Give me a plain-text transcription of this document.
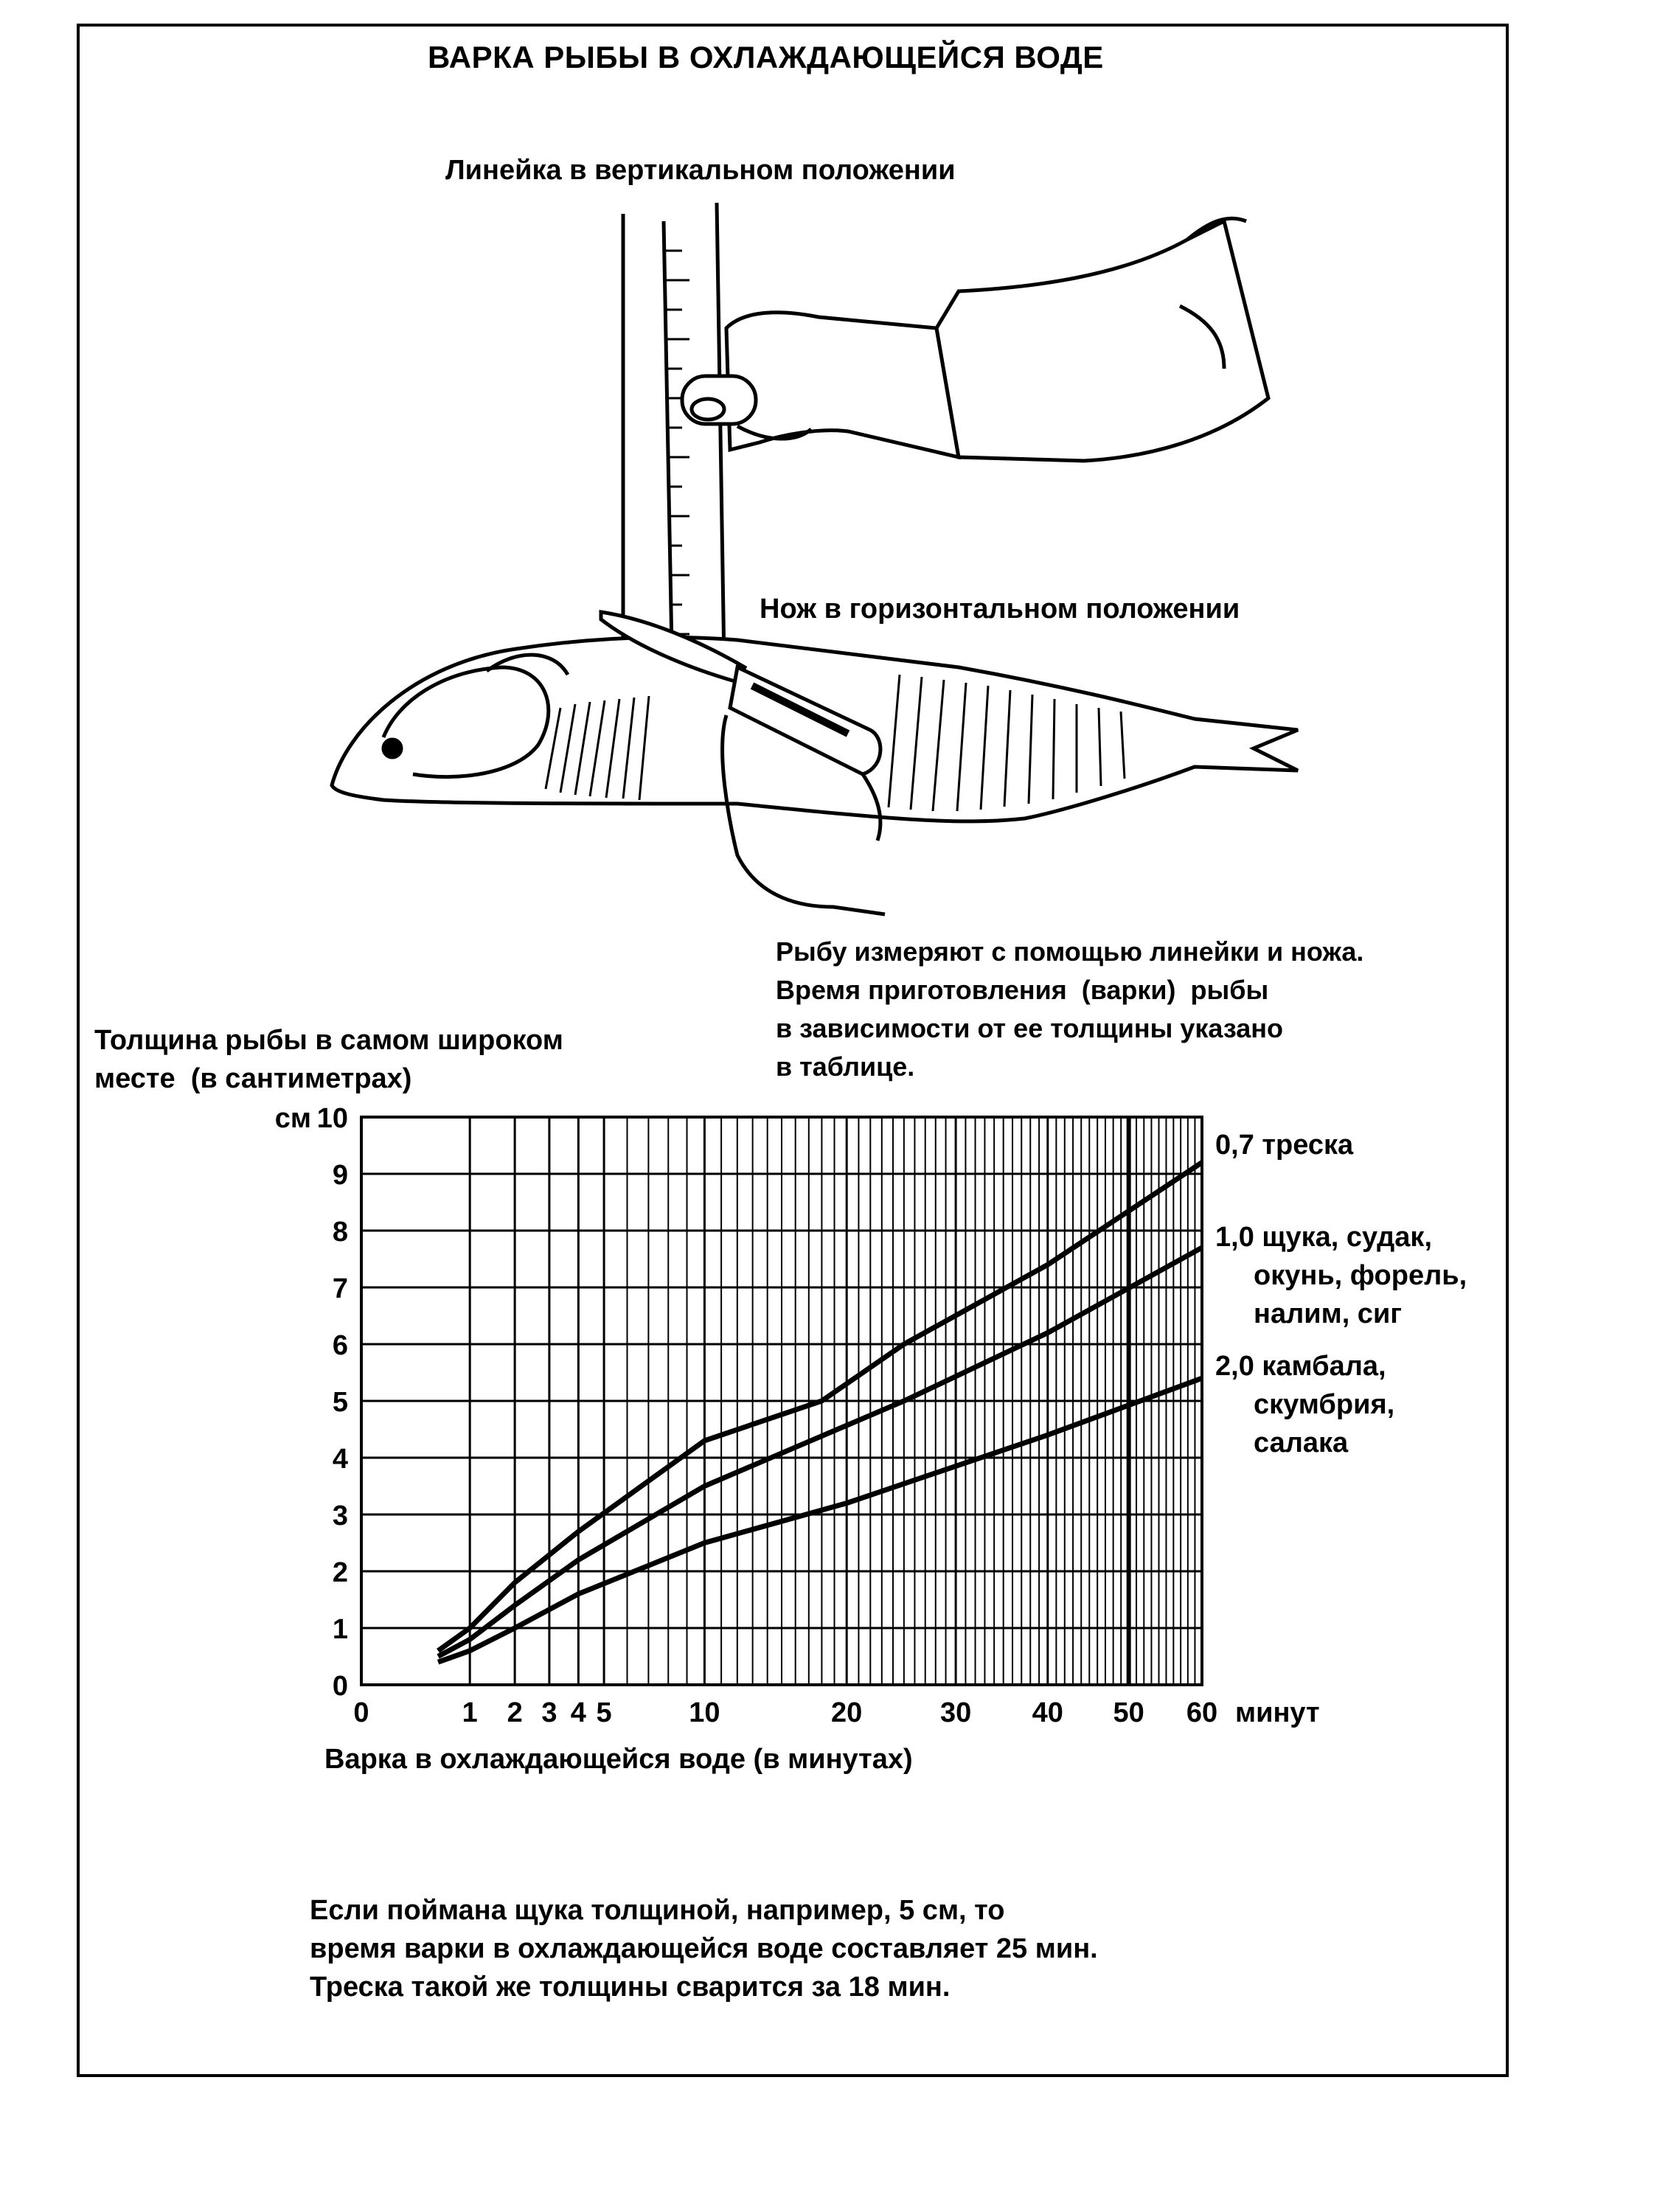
ВАРКА РЫБЫ В ОХЛАЖДАЮЩЕЙСЯ ВОДЕ
Линейка в вертикальном положении
Нож в горизонтальном положении
Рыбу измеряют с помощью линейки и ножа.
Время приготовления  (варки)  рыбы
в зависимости от ее толщины указано
в таблице.
Толщина рыбы в самом широком
месте  (в сантиметрах)
Варка в охлаждающейся воде (в минутах)
Если поймана щука толщиной, например, 5 см, то
время варки в охлаждающейся воде составляет 25 мин.
Треска такой же толщины сварится за 18 мин.
0	1 2 3 4 5	10	20	30 40 50 60 минут
0
1
2
3
4
5
6
7
8
9
10
см
0,7 треска
1,0 щука, судак,
окунь, форель,
налим, сиг
2,0 камбала,
скумбрия,
салака
